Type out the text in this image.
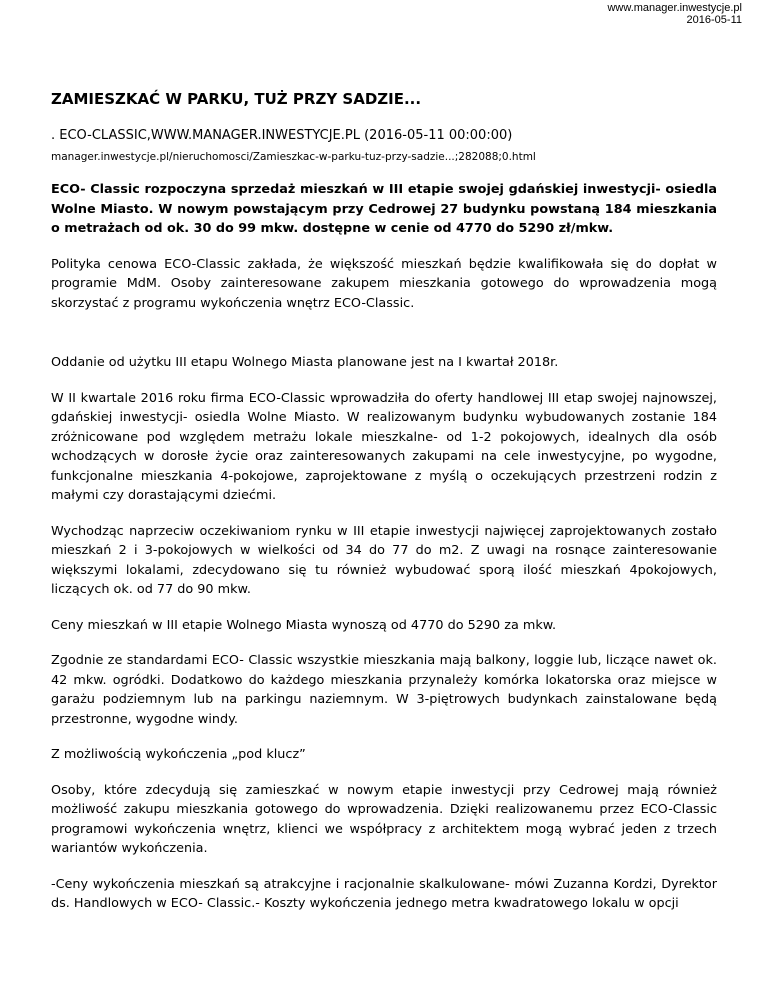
www.manager.inwestycje.pl
2016-05-11
ZAMIESZKAĆ W PARKU, TUŻ PRZY SADZIE...
. ECO-CLASSIC,WWW.MANAGER.INWESTYCJE.PL (2016-05-11 00:00:00)
manager.inwestycje.pl/nieruchomosci/Zamieszkac-w-parku-tuz-przy-sadzie...;282088;0.html
ECO- Classic rozpoczyna sprzedaż mieszkań w III etapie swojej gdańskiej inwestycji- osiedla Wolne Miasto. W nowym powstającym przy Cedrowej 27 budynku powstaną 184 mieszkania o metrażach od ok. 30 do 99 mkw. dostępne w cenie od 4770 do 5290 zł/mkw.
Polityka cenowa ECO-Classic zakłada, że większość mieszkań będzie kwalifikowała się do dopłat w programie MdM. Osoby zainteresowane zakupem mieszkania gotowego do wprowadzenia mogą skorzystać z programu wykończenia wnętrz ECO-Classic.
Oddanie od użytku III etapu Wolnego Miasta planowane jest na I kwartał 2018r.
W II kwartale 2016 roku firma ECO-Classic wprowadziła do oferty handlowej III etap swojej najnowszej, gdańskiej inwestycji- osiedla Wolne Miasto. W realizowanym budynku wybudowanych zostanie 184 zróżnicowane pod względem metrażu lokale mieszkalne- od 1-2 pokojowych, idealnych dla osób wchodzących w dorosłe życie oraz zainteresowanych zakupami na cele inwestycyjne, po wygodne, funkcjonalne mieszkania 4-pokojowe, zaprojektowane z myślą o oczekujących przestrzeni rodzin z małymi czy dorastającymi dziećmi.
Wychodząc naprzeciw oczekiwaniom rynku w III etapie inwestycji najwięcej zaprojektowanych zostało mieszkań 2 i 3-pokojowych w wielkości od 34 do 77 do m2. Z uwagi na rosnące zainteresowanie większymi lokalami, zdecydowano się tu również wybudować sporą ilość mieszkań 4pokojowych, liczących ok. od 77 do 90 mkw.
Ceny mieszkań w III etapie Wolnego Miasta wynoszą od 4770 do 5290 za mkw.
Zgodnie ze standardami ECO- Classic wszystkie mieszkania mają balkony, loggie lub, liczące nawet ok. 42 mkw. ogródki. Dodatkowo do każdego mieszkania przynależy komórka lokatorska oraz miejsce w garażu podziemnym lub na parkingu naziemnym. W 3-piętrowych budynkach zainstalowane będą przestronne, wygodne windy.
Z możliwością wykończenia „pod klucz”
Osoby, które zdecydują się zamieszkać w nowym etapie inwestycji przy Cedrowej mają również możliwość zakupu mieszkania gotowego do wprowadzenia. Dzięki realizowanemu przez ECO-Classic programowi wykończenia wnętrz, klienci we współpracy z architektem mogą wybrać jeden z trzech wariantów wykończenia.
-Ceny wykończenia mieszkań są atrakcyjne i racjonalnie skalkulowane- mówi Zuzanna Kordzi, Dyrektor ds. Handlowych w ECO- Classic.- Koszty wykończenia jednego metra kwadratowego lokalu w opcji
